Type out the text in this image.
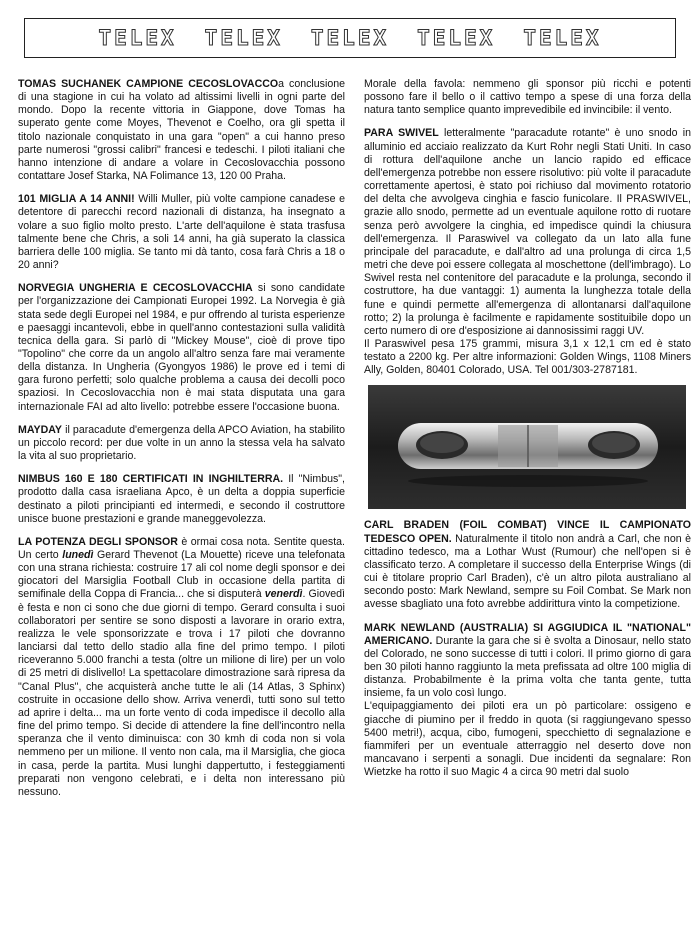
TELEX TELEX TELEX TELEX TELEX

TOMAS SUCHANEK CAMPIONE CECOSLOVACCOa conclusione di una stagione in cui ha volato ad altissimi livelli in ogni parte del mondo. Dopo la recente vittoria in Giappone, dove Tomas ha superato gente come Moyes, Thevenot e Coelho, ora gli spetta il titolo nazionale conquistato in una gara "open" a cui hanno preso parte numerosi "grossi calibri" francesi e tedeschi. I piloti italiani che hanno intenzione di andare a volare in Cecoslovacchia possono contattare Josef Starka, NA Folimance 13, 120 00 Praha.

101 MIGLIA A 14 ANNI! Willi Muller, più volte campione canadese e detentore di parecchi record nazionali di distanza, ha insegnato a volare a suo figlio molto presto. L'arte dell'aquilone è stata trasfusa talmente bene che Chris, a soli 14 anni, ha già superato la classica barriera delle 100 miglia. Se tanto mi dà tanto, cosa farà Chris a 18 o 20 anni?

NORVEGIA UNGHERIA E CECOSLOVACCHIA si sono candidate per l'organizzazione dei Campionati Europei 1992. La Norvegia è già stata sede degli Europei nel 1984, e pur offrendo al turista esperienze e paesaggi incantevoli, ebbe in quell'anno contestazioni sulla validità tecnica della gara. Si parlò di "Mickey Mouse", cioè di prove tipo "Topolino" che corre da un angolo all'altro senza fare mai veramente della distanza. In Ungheria (Gyongyos 1986) le prove ed i temi di gara furono perfetti; solo qualche problema a causa dei decolli poco spaziosi. In Cecoslovacchia non è mai stata disputata una gara internazionale FAI ad alto livello: potrebbe essere l'occasione buona.

MAYDAY il paracadute d'emergenza della APCO Aviation, ha stabilito un piccolo record: per due volte in un anno la stessa vela ha salvato la vita al suo proprietario.

NIMBUS 160 E 180 CERTIFICATI IN INGHILTERRA. Il "Nimbus", prodotto dalla casa israeliana Apco, è un delta a doppia superficie destinato a piloti principianti ed intermedi, e secondo il costruttore unisce buone prestazioni e grande maneggevolezza.

LA POTENZA DEGLI SPONSOR è ormai cosa nota. Sentite questa. Un certo lunedì Gerard Thevenot (La Mouette) riceve una telefonata con una strana richiesta: costruire 17 ali col nome degli sponsor e dei giocatori del Marsiglia Football Club in occasione della partita di semifinale della Coppa di Francia... che si disputerà venerdì. Giovedì è festa e non ci sono che due giorni di tempo. Gerard consulta i suoi collaboratori per sentire se sono disposti a lavorare in orario extra, realizza le vele sponsorizzate e trova i 17 piloti che dovranno lanciarsi dal tetto dello stadio alla fine del primo tempo. I piloti riceveranno 5.000 franchi a testa (oltre un milione di lire) per un volo di 25 metri di dislivello! La spettacolare dimostrazione sarà ripresa da "Canal Plus", che acquisterà anche tutte le ali (14 Atlas, 3 Sphinx) costruite in occasione dello show. Arriva venerdì, tutti sono sul tetto ad aprire i delta... ma un forte vento di coda impedisce il decollo alla fine del primo tempo. Si decide di attendere la fine dell'incontro nella speranza che il vento diminuisca: con 30 kmh di coda non si vola nemmeno per un milione. Il vento non cala, ma il Marsiglia, che gioca in casa, perde la partita. Musi lunghi dappertutto, i festeggiamenti preparati non vengono celebrati, e i delta non interessano più nessuno.

Morale della favola: nemmeno gli sponsor più ricchi e potenti possono fare il bello o il cattivo tempo a spese di una forza della natura tanto semplice quanto imprevedibile ed invincibile: il vento.

PARA SWIVEL letteralmente "paracadute rotante" è uno snodo in alluminio ed acciaio realizzato da Kurt Rohr negli Stati Uniti. In caso di rottura dell'aquilone anche un lancio rapido ed efficace dell'emergenza potrebbe non essere risolutivo: più volte il paracadute correttamente apertosi, è stato poi richiuso dal movimento rotatorio del delta che avvolgeva cinghia e fascio funicolare. Il PRASWIVEL, grazie allo snodo, permette ad un eventuale aquilone rotto di ruotare senza però avvolgere la cinghia, ed impedisce quindi la chiusura dell'emergenza. Il Paraswivel va collegato da un lato alla fune principale del paracadute, e dall'altro ad una prolunga di circa 1,5 metri che deve poi essere collegata al moschettone (dell'imbrago). Lo Swivel resta nel contenitore del paracadute e la prolunga, secondo il costruttore, ha due vantaggi: 1) aumenta la lunghezza totale della fune e quindi permette all'emergenza di allontanarsi dall'aquilone rotto; 2) la prolunga è facilmente e rapidamente sostituibile dopo un certo numero di ore d'esposizione ai dannosissimi raggi UV.

Il Paraswivel pesa 175 grammi, misura 3,1 x 12,1 cm ed è stato testato a 2200 kg. Per altre informazioni: Golden Wings, 1108 Miners Ally, Golden, 80401 Colorado, USA. Tel 001/303-2787181.

CARL BRADEN (FOIL COMBAT) VINCE IL CAMPIONATO TEDESCO OPEN. Naturalmente il titolo non andrà a Carl, che non è cittadino tedesco, ma a Lothar Wust (Rumour) che nell'open si è classificato terzo. A completare il successo della Enterprise Wings (di cui è titolare proprio Carl Braden), c'è un altro pilota australiano al secondo posto: Mark Newland, sempre su Foil Combat. Se Mark non avesse sbagliato una foto avrebbe addirittura vinto la competizione.

MARK NEWLAND (AUSTRALIA) SI AGGIUDICA IL "NATIONAL" AMERICANO. Durante la gara che si è svolta a Dinosaur, nello stato del Colorado, ne sono successe di tutti i colori. Il primo giorno di gara ben 30 piloti hanno raggiunto la meta prefissata ad oltre 100 miglia di distanza. Probabilmente è la prima volta che tanta gente, tutta insieme, fa un volo così lungo.

L'equipaggiamento dei piloti era un pò particolare: ossigeno e giacche di piumino per il freddo in quota (si raggiungevano spesso 5400 metri!), acqua, cibo, fumogeni, specchietto di segnalazione e fiammiferi per un eventuale atterraggio nel deserto dove non mancavano i serpenti a sonagli. Due incidenti da segnalare: Ron Wietzke ha rotto il suo Magic 4 a circa 90 metri dal suolo
